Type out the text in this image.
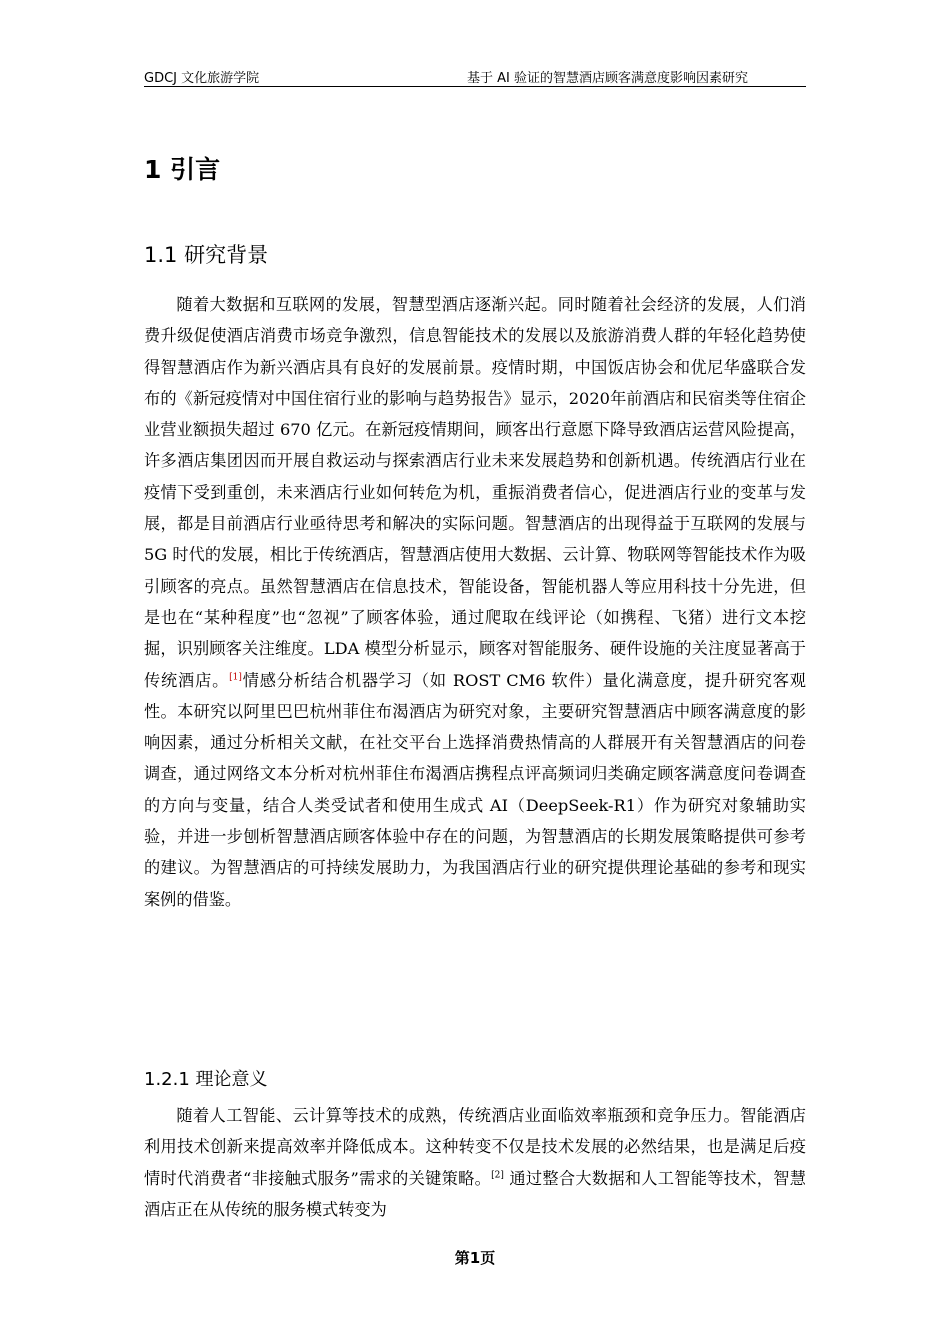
GDCJ 文化旅游学院	基于 AI 验证的智慧酒店顾客满意度影响因素研究
1 引言
1.1 研究背景
随着大数据和互联网的发展，智慧型酒店逐渐兴起。同时随着社会经济的发展，人们消费升级促使酒店消费市场竞争激烈，信息智能技术的发展以及旅游消费人群的年轻化趋势使得智慧酒店作为新兴酒店具有良好的发展前景。疫情时期，中国饭店协会和优尼华盛联合发布的《新冠疫情对中国住宿行业的影响与趋势报告》显示，2020年前酒店和民宿类等住宿企业营业额损失超过 670 亿元。在新冠疫情期间，顾客出行意愿下降导致酒店运营风险提高，许多酒店集团因而开展自救运动与探索酒店行业未来发展趋势和创新机遇。传统酒店行业在疫情下受到重创，未来酒店行业如何转危为机，重振消费者信心，促进酒店行业的变革与发展，都是目前酒店行业亟待思考和解决的实际问题。智慧酒店的出现得益于互联网的发展与 5G 时代的发展，相比于传统酒店，智慧酒店使用大数据、云计算、物联网等智能技术作为吸引顾客的亮点。虽然智慧酒店在信息技术，智能设备，智能机器人等应用科技十分先进，但是也在“某种程度”也“忽视”了顾客体验，通过爬取在线评论（如携程、飞猪）进行文本挖掘，识别顾客关注维度。LDA 模型分析显示，顾客对智能服务、硬件设施的关注度显著高于传统酒店。[1]情感分析结合机器学习（如 ROST CM6 软件）量化满意度，提升研究客观性。本研究以阿里巴巴杭州菲住布渴酒店为研究对象，主要研究智慧酒店中顾客满意度的影响因素，通过分析相关文献，在社交平台上选择消费热情高的人群展开有关智慧酒店的问卷调查，通过网络文本分析对杭州菲住布渴酒店携程点评高频词归类确定顾客满意度问卷调查的方向与变量，结合人类受试者和使用生成式 AI（DeepSeek-R1）作为研究对象辅助实验，并进一步刨析智慧酒店顾客体验中存在的问题，为智慧酒店的长期发展策略提供可参考的建议。为智慧酒店的可持续发展助力，为我国酒店行业的研究提供理论基础的参考和现实案例的借鉴。
1.2.1 理论意义
随着人工智能、云计算等技术的成熟，传统酒店业面临效率瓶颈和竞争压力。智能酒店利用技术创新来提高效率并降低成本。这种转变不仅是技术发展的必然结果，也是满足后疫情时代消费者“非接触式服务”需求的关键策略。[2] 通过整合大数据和人工智能等技术，智慧酒店正在从传统的服务模式转变为
第1页
